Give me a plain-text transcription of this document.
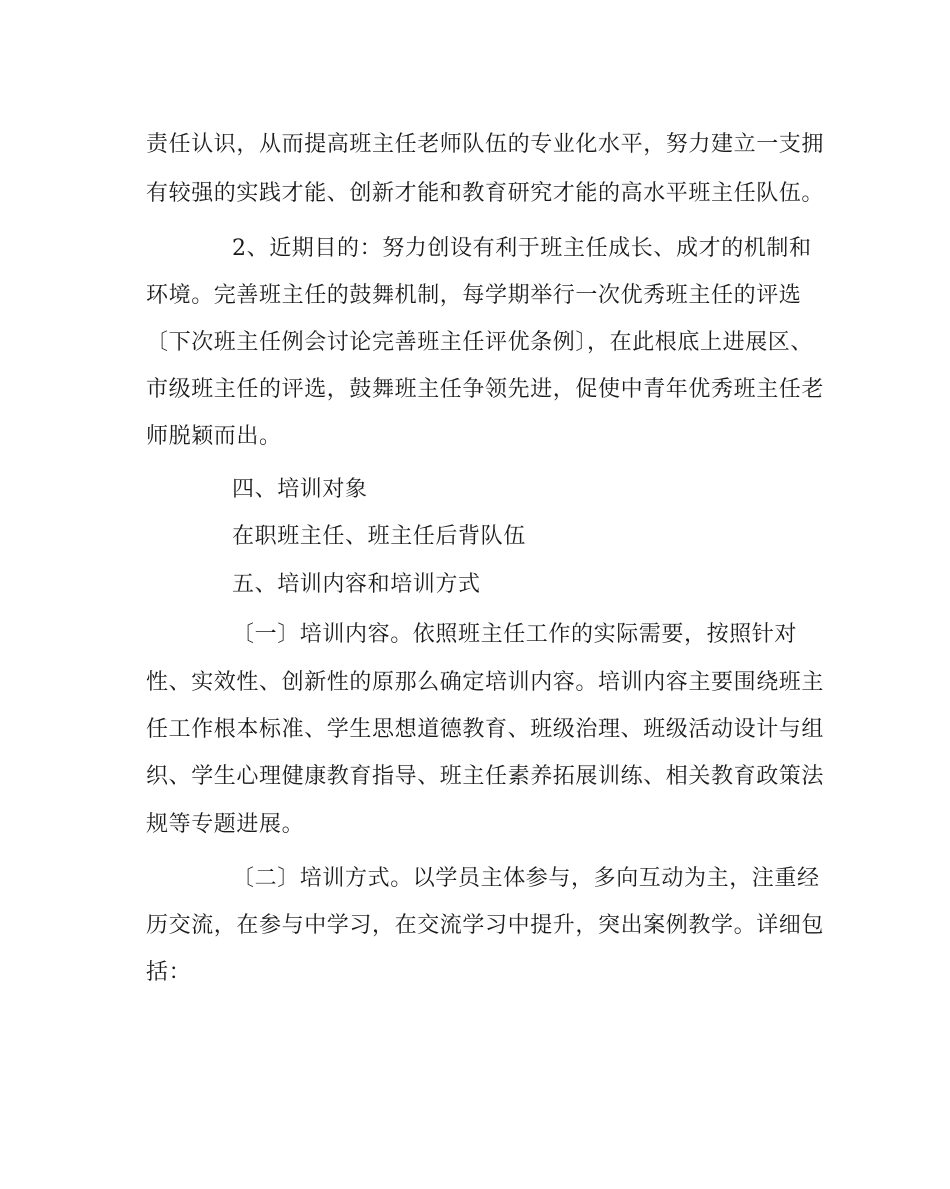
责任认识，从而提高班主任老师队伍的专业化水平，努力建立一支拥
有较强的实践才能、创新才能和教育研究才能的高水平班主任队伍。
2、近期目的：努力创设有利于班主任成长、成才的机制和
环境。完善班主任的鼓舞机制，每学期举行一次优秀班主任的评选
〔下次班主任例会讨论完善班主任评优条例〕，在此根底上进展区、
市级班主任的评选，鼓舞班主任争领先进，促使中青年优秀班主任老
师脱颖而出。
四、培训对象
在职班主任、班主任后背队伍
五、培训内容和培训方式
〔一〕培训内容。依照班主任工作的实际需要，按照针对
性、实效性、创新性的原那么确定培训内容。培训内容主要围绕班主
任工作根本标准、学生思想道德教育、班级治理、班级活动设计与组
织、学生心理健康教育指导、班主任素养拓展训练、相关教育政策法
规等专题进展。
〔二〕培训方式。以学员主体参与，多向互动为主，注重经
历交流，在参与中学习，在交流学习中提升，突出案例教学。详细包
括：
